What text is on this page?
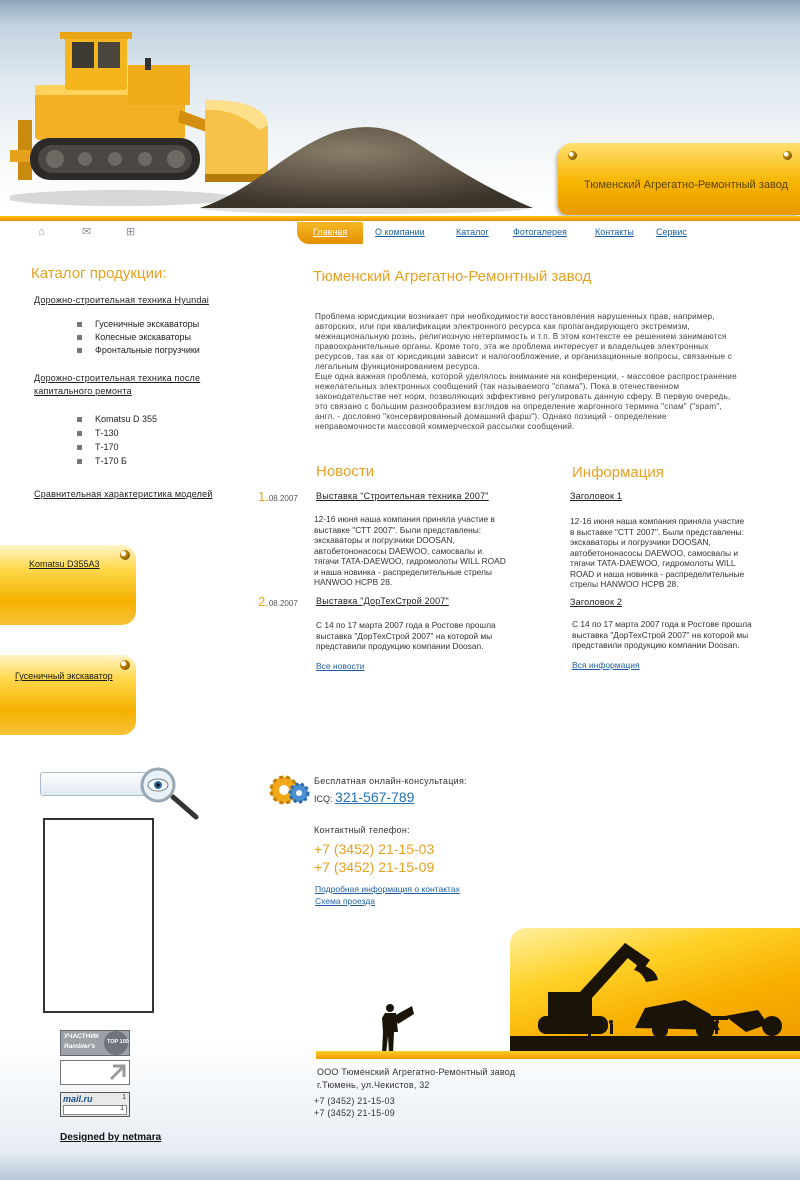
Тюменский Агрегатно-Ремонтный завод
⌂	✉	⊞	Главная	О компании	Каталог	Фотогалерея	Контакты Сервис
Каталог продукции:
Дорожно-строительная техника Hyundai
Гусеничные экскаваторы
Колесные экскаваторы
Фронтальные погрузчики
Дорожно-строительная техника после
капитального ремонта
Komatsu D 355
Т-130
Т-170
Т-170 Б
Сравнительная характеристика моделей
Komatsu D355A3
Гусеничный экскаватор
Тюменский Агрегатно-Ремонтный завод
Проблема юрисдикции возникает при необходимости восстановления нарушенных прав, например,
авторских, или при квалификации электронного ресурса как пропагандирующего экстремизм,
межнациональную рознь, религиозную нетерпимость и т.п. В этом контексте ее решением занимаются
правоохранительные органы. Кроме того, эта же проблема интересует и владельцев электронных
ресурсов, так как от юрисдикции зависит и налогообложение, и организационные вопросы, связанные с
легальным функционированием ресурса.
Еще одна важная проблема, которой уделялось внимание на конференции, - массовое распространение
нежелательных электронных сообщений (так называемого "спама"). Пока в отечественном
законодательстве нет норм, позволяющих эффективно регулировать данную сферу. В первую очередь,
это связано с большим разнообразием взглядов на определение жаргонного термина "спам" ("spam",
англ. - дословно "консервированный домашний фарш"). Однако позиций - определение
неправомочности массовой коммерческой рассылки сообщений.
Новости
1.08.2007 Выставка "Строительная техника 2007"
12-16 июня наша компания приняла участие в
выставке "СТТ 2007". Были представлены:
экскаваторы и погрузчики DOOSAN,
автобетононасосы DAEWOO, самосвалы и
тягачи TATA-DAEWOO, гидромолоты WILL ROAD
и наша новинка - распределительные стрелы
HANWOO HCPB 28.
2.08.2007 Выставка "ДорТехСтрой 2007"
С 14 по 17 марта 2007 года в Ростове прошла
выставка "ДорТехСтрой 2007" на которой мы
представили продукцию компании Doosan.
Все новости
Информация
Заголовок 1
12-16 июня наша компания приняла участие
в выставке "СТТ 2007". Были представлены:
экскаваторы и погрузчики DOOSAN,
автобетононасосы DAEWOO, самосвалы и
тягачи TATA-DAEWOO, гидромолоты WILL
ROAD и наша новинка - распределительные
стрелы HANWOO HCPB 28.
Заголовок 2
С 14 по 17 марта 2007 года в Ростове прошла
выставка "ДорТехСтрой 2007" на которой мы
представили продукцию компании Doosan.
Вся информация
УЧАСТНИК
Rambler's
TOP 100
mail.ru
1
1
Designed by netmara
Бесплатная онлайн-консультация:
ICQ: 321-567-789
Контактный телефон:
+7 (3452) 21-15-03
+7 (3452) 21-15-09
Подробная информация о контактах
Схема проезда
ООО Тюменский Агрегатно-Ремонтный завод
г.Тюмень, ул.Чекистов, 32
+7 (3452) 21-15-03
+7 (3452) 21-15-09
